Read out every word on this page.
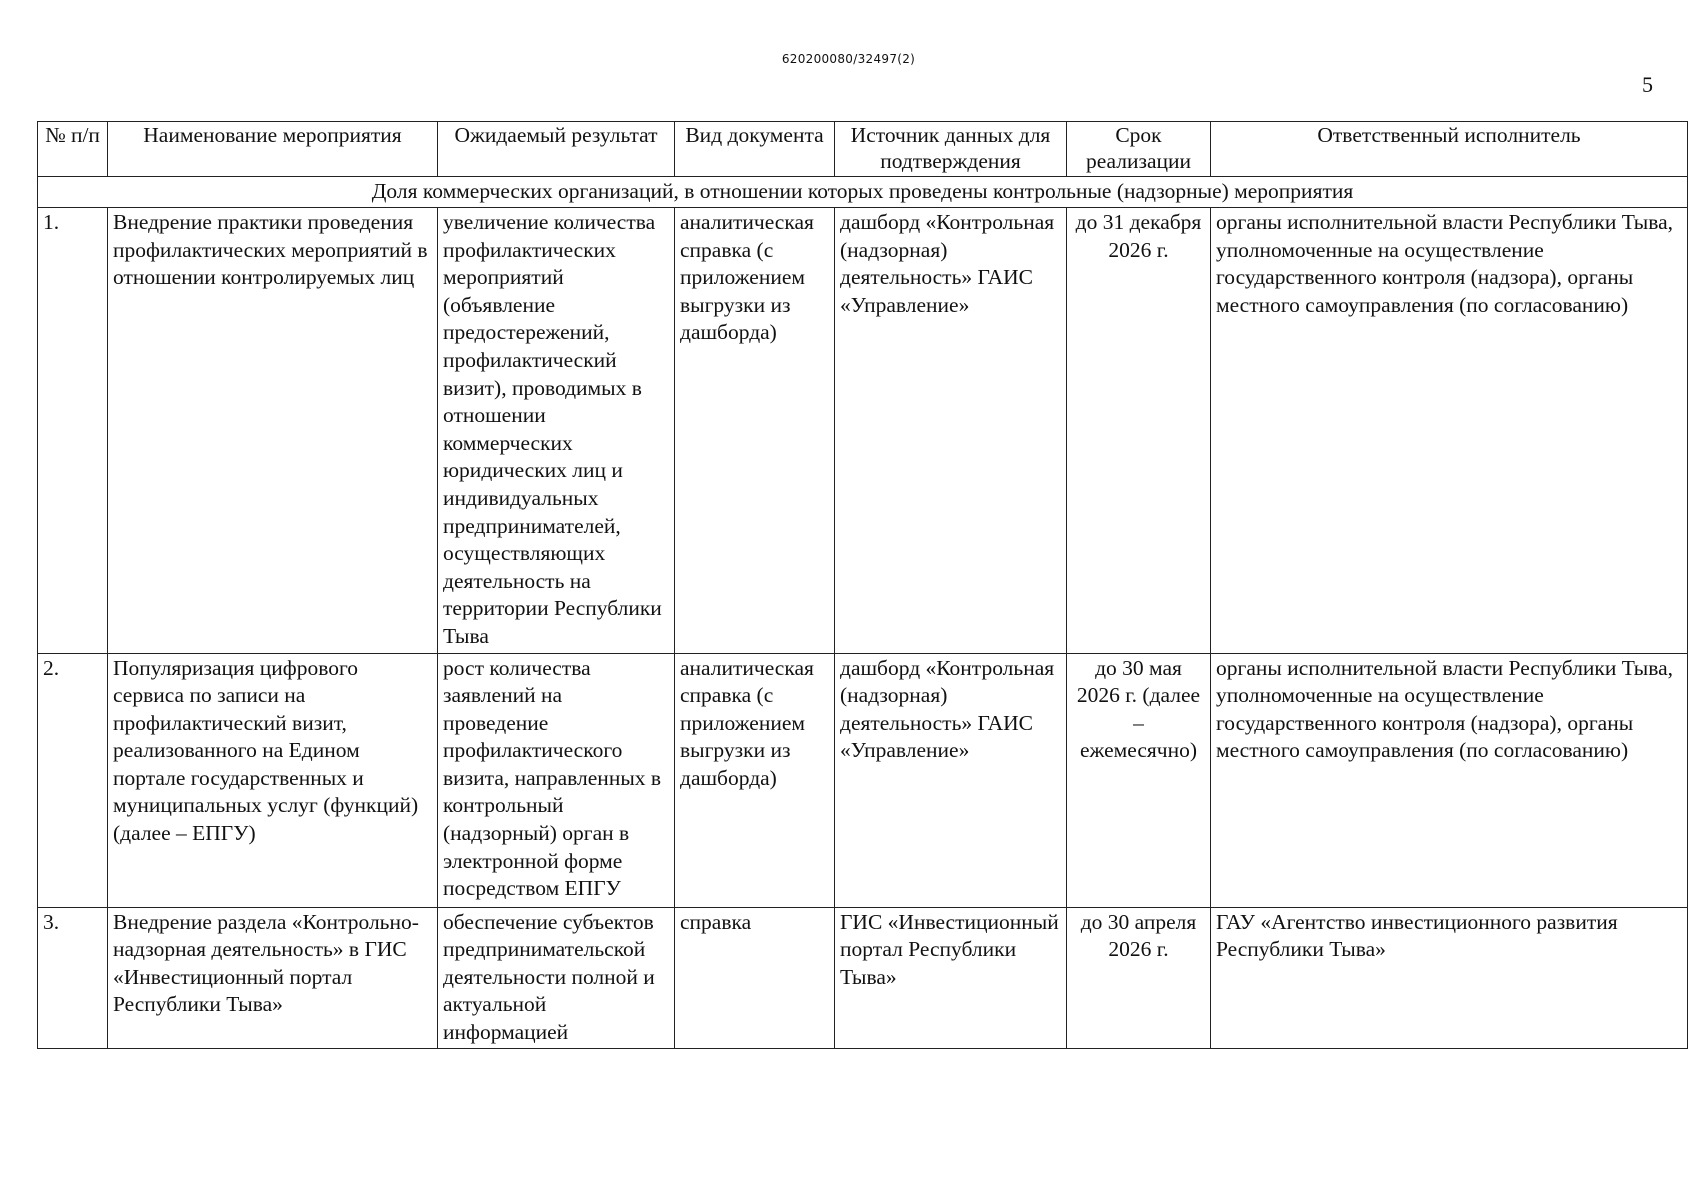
620200080/32497(2)
5
№ п/п	Наименование мероприятия	Ожидаемый результат	Вид документа	Источник данных для подтверждения	Срок реализации	Ответственный исполнитель
Доля коммерческих организаций, в отношении которых проведены контрольные (надзорные) мероприятия						
1.	Внедрение практики проведения профилактических мероприятий в отношении контролируемых лиц	увеличение количества профилактических мероприятий (объявление предостережений, профилактический визит), проводимых в отношении коммерческих юридических лиц и индивидуальных предпринимателей, осуществляющих деятельность на территории Республики Тыва	аналитическая справка (с приложением выгрузки из дашборда)	дашборд «Контрольная (надзорная) деятельность» ГАИС «Управление»	до 31 декабря 2026 г.	органы исполнительной власти Республики Тыва, уполномоченные на осуществление государственного контроля (надзора), органы местного самоуправления (по согласованию)
2.	Популяризация цифрового сервиса по записи на профилактический визит, реализованного на Едином портале государственных и муниципальных услуг (функций) (далее – ЕПГУ)	рост количества заявлений на проведение профилактического визита, направленных в контрольный (надзорный) орган в электронной форме посредством ЕПГУ	аналитическая справка (с приложением выгрузки из дашборда)	дашборд «Контрольная (надзорная) деятельность» ГАИС «Управление»	до 30 мая 2026 г. (далее – ежемесячно)	органы исполнительной власти Республики Тыва, уполномоченные на осуществление государственного контроля (надзора), органы местного самоуправления (по согласованию)
3.	Внедрение раздела «Контрольно-надзорная деятельность» в ГИС «Инвестиционный портал Республики Тыва»	обеспечение субъектов предпринимательской деятельности полной и актуальной информацией	справка	ГИС «Инвестиционный портал Республики Тыва»	до 30 апреля 2026 г.	ГАУ «Агентство инвестиционного развития Республики Тыва»
